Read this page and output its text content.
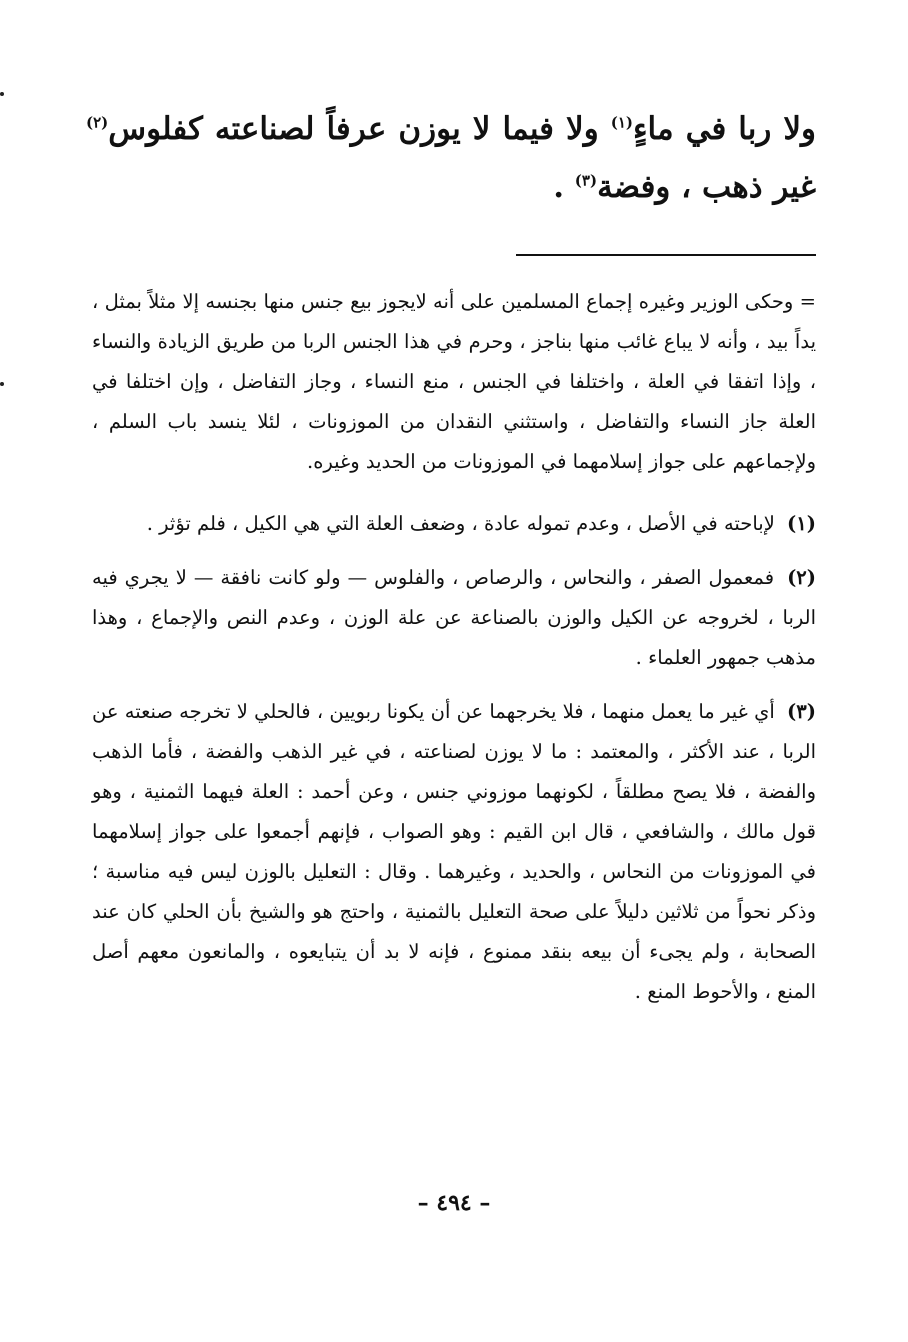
ولا ربا في ماءٍ$^{(١)}$ ولا فيما لا يوزن عرفاً لصناعته كفلوس$^{(٢)}$ غير ذهب ، وفضة$^{(٣)}$ .

= وحكى الوزير وغيره إجماع المسلمين على أنه لايجوز بيع جنس منها بجنسه إلا مثلاً بمثل ، يداً بيد ، وأنه لا يباع غائب منها بناجز ، وحرم في هذا الجنس الربا من طريق الزيادة والنساء ، وإذا اتفقا في العلة ، واختلفا في الجنس ، منع النساء ، وجاز التفاضل ، وإن اختلفا في العلة جاز النساء والتفاضل ، واستثني النقدان من الموزونات ، لئلا ينسد باب السلم ، ولإجماعهم على جواز إسلامهما في الموزونات من الحديد وغيره.

(١) لإباحته في الأصل ، وعدم تموله عادة ، وضعف العلة التي هي الكيل ، فلم تؤثر .

(٢) فمعمول الصفر ، والنحاس ، والرصاص ، والفلوس — ولو كانت نافقة — لا يجري فيه الربا ، لخروجه عن الكيل والوزن بالصناعة عن علة الوزن ، وعدم النص والإجماع ، وهذا مذهب جمهور العلماء .

(٣) أي غير ما يعمل منهما ، فلا يخرجهما عن أن يكونا ربويين ، فالحلي لا تخرجه صنعته عن الربا ، عند الأكثر ، والمعتمد : ما لا يوزن لصناعته ، في غير الذهب والفضة ، فأما الذهب والفضة ، فلا يصح مطلقاً ، لكونهما موزوني جنس ، وعن أحمد : العلة فيهما الثمنية ، وهو قول مالك ، والشافعي ، قال ابن القيم : وهو الصواب ، فإنهم أجمعوا على جواز إسلامهما في الموزونات من النحاس ، والحديد ، وغيرهما . وقال : التعليل بالوزن ليس فيه مناسبة ؛ وذكر نحواً من ثلاثين دليلاً على صحة التعليل بالثمنية ، واحتج هو والشيخ بأن الحلي كان عند الصحابة ، ولم يجىء أن بيعه بنقد ممنوع ، فإنه لا بد أن يتبايعوه ، والمانعون معهم أصل المنع ، والأحوط المنع .

– ٤٩٤ –
